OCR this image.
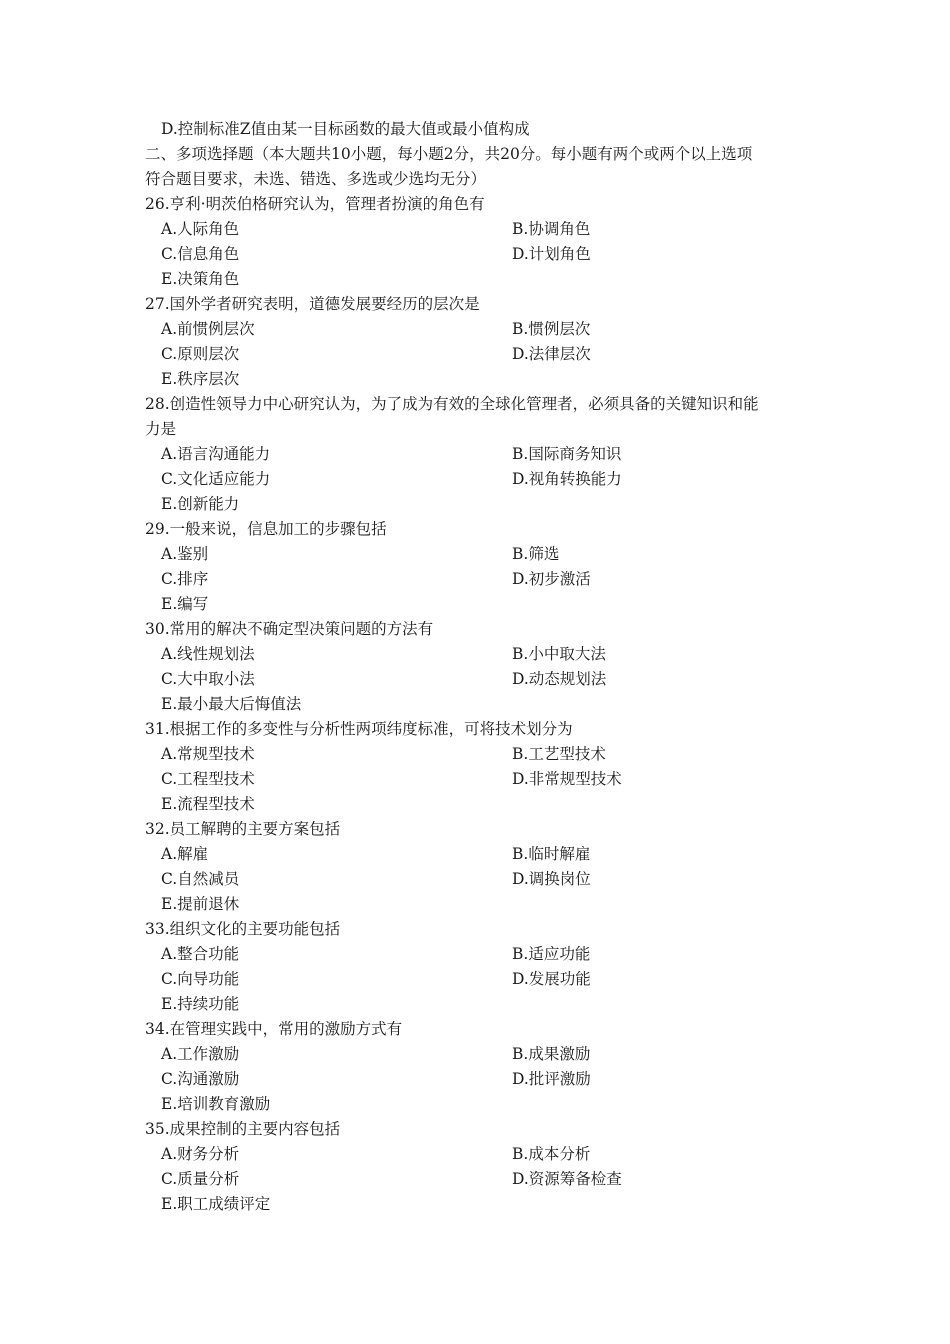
D.控制标准Z值由某一目标函数的最大值或最小值构成
二、多项选择题（本大题共10小题，每小题2分，共20分。每小题有两个或两个以上选项
符合题目要求，未选、错选、多选或少选均无分）
26.亨利·明茨伯格研究认为，管理者扮演的角色有
A.人际角色	B.协调角色
C.信息角色	D.计划角色
E.决策角色
27.国外学者研究表明，道德发展要经历的层次是
A.前惯例层次	B.惯例层次
C.原则层次	D.法律层次
E.秩序层次
28.创造性领导力中心研究认为，为了成为有效的全球化管理者，必须具备的关键知识和能
力是
A.语言沟通能力	B.国际商务知识
C.文化适应能力	D.视角转换能力
E.创新能力
29.一般来说，信息加工的步骤包括
A.鉴别	B.筛选
C.排序	D.初步激活
E.编写
30.常用的解决不确定型决策问题的方法有
A.线性规划法	B.小中取大法
C.大中取小法	D.动态规划法
E.最小最大后悔值法
31.根据工作的多变性与分析性两项纬度标准，可将技术划分为
A.常规型技术	B.工艺型技术
C.工程型技术	D.非常规型技术
E.流程型技术
32.员工解聘的主要方案包括
A.解雇	B.临时解雇
C.自然减员	D.调换岗位
E.提前退休
33.组织文化的主要功能包括
A.整合功能	B.适应功能
C.向导功能	D.发展功能
E.持续功能
34.在管理实践中，常用的激励方式有
A.工作激励	B.成果激励
C.沟通激励	D.批评激励
E.培训教育激励
35.成果控制的主要内容包括
A.财务分析	B.成本分析
C.质量分析	D.资源筹备检查
E.职工成绩评定
